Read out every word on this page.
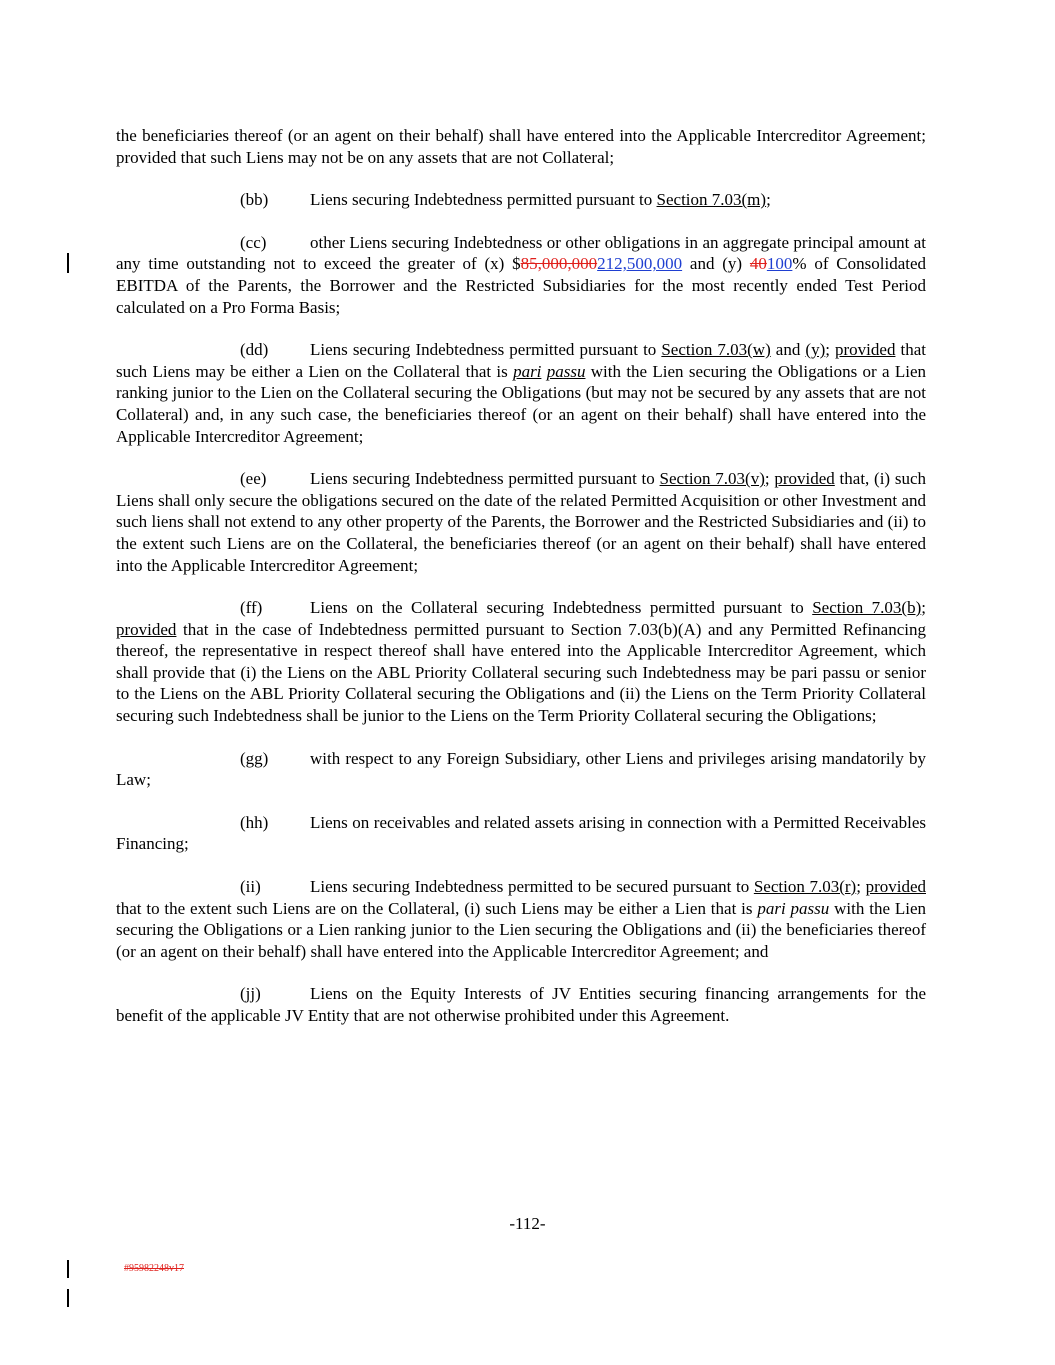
the beneficiaries thereof (or an agent on their behalf) shall have entered into the Applicable Intercreditor Agreement; provided that such Liens may not be on any assets that are not Collateral;

(bb) Liens securing Indebtedness permitted pursuant to Section 7.03(m);

(cc)	other Liens securing Indebtedness or other obligations in an aggregate principal amount at any time outstanding not to exceed the greater of (x) $85,000,000212,500,000 and (y) 40100% of Consolidated EBITDA of the Parents, the Borrower and the Restricted Subsidiaries for the most recently ended Test Period calculated on a Pro Forma Basis;

(dd) Liens securing Indebtedness permitted pursuant to Section 7.03(w) and (y); provided that such Liens may be either a Lien on the Collateral that is pari passu with the Lien securing the Obligations or a Lien ranking junior to the Lien on the Collateral securing the Obligations (but may not be secured by any assets that are not Collateral) and, in any such case, the beneficiaries thereof (or an agent on their behalf) shall have entered into the Applicable Intercreditor Agreement;

(ee)	Liens securing Indebtedness permitted pursuant to Section 7.03(v); provided that, (i) such Liens shall only secure the obligations secured on the date of the related Permitted Acquisition or other Investment and such liens shall not extend to any other property of the Parents, the Borrower and the Restricted Subsidiaries and (ii) to the extent such Liens are on the Collateral, the beneficiaries thereof (or an agent on their behalf) shall have entered into the Applicable Intercreditor Agreement;

(ff)	Liens on the Collateral securing Indebtedness permitted pursuant to Section 7.03(b); provided that in the case of Indebtedness permitted pursuant to Section 7.03(b)(A) and any Permitted Refinancing thereof, the representative in respect thereof shall have entered into the Applicable Intercreditor Agreement, which shall provide that (i) the Liens on the ABL Priority Collateral securing such Indebtedness may be pari passu or senior to the Liens on the ABL Priority Collateral securing the Obligations and (ii) the Liens on the Term Priority Collateral securing such Indebtedness shall be junior to the Liens on the Term Priority Collateral securing the Obligations;

(gg) with respect to any Foreign Subsidiary, other Liens and privileges arising mandatorily by Law;

(hh) Liens on receivables and related assets arising in connection with a Permitted Receivables Financing;

(ii)	Liens securing Indebtedness permitted to be secured pursuant to Section 7.03(r); provided that to the extent such Liens are on the Collateral, (i) such Liens may be either a Lien that is pari passu with the Lien securing the Obligations or a Lien ranking junior to the Lien securing the Obligations and (ii) the beneficiaries thereof (or an agent on their behalf) shall have entered into the Applicable Intercreditor Agreement; and

(jj)	Liens on the Equity Interests of JV Entities securing financing arrangements for the benefit of the applicable JV Entity that are not otherwise prohibited under this Agreement.

-112-
#95982248v17
